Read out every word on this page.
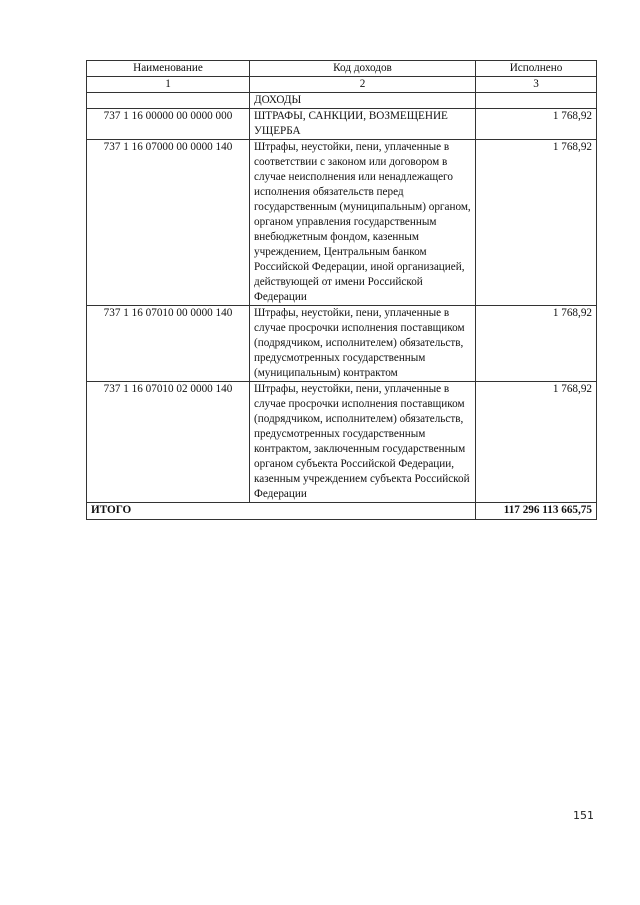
Наименование	Код доходов	Исполнено
1	2	3
	ДОХОДЫ	
737 1 16 00000 00 0000 000	ШТРАФЫ, САНКЦИИ, ВОЗМЕЩЕНИЕ УЩЕРБА	1 768,92
737 1 16 07000 00 0000 140	Штрафы, неустойки, пени, уплаченные в соответствии с законом или договором в случае неисполнения или ненадлежащего исполнения обязательств перед государственным (муниципальным) органом, органом управления государственным внебюджетным фондом, казенным учреждением, Центральным банком Российской Федерации, иной организацией, действующей от имени Российской Федерации	1 768,92
737 1 16 07010 00 0000 140	Штрафы, неустойки, пени, уплаченные в случае просрочки исполнения поставщиком (подрядчиком, исполнителем) обязательств, предусмотренных государственным (муниципальным) контрактом	1 768,92
737 1 16 07010 02 0000 140	Штрафы, неустойки, пени, уплаченные в случае просрочки исполнения поставщиком (подрядчиком, исполнителем) обязательств, предусмотренных государственным контрактом, заключенным государственным органом субъекта Российской Федерации, казенным учреждением субъекта Российской Федерации	1 768,92
ИТОГО		117 296 113 665,75
151
